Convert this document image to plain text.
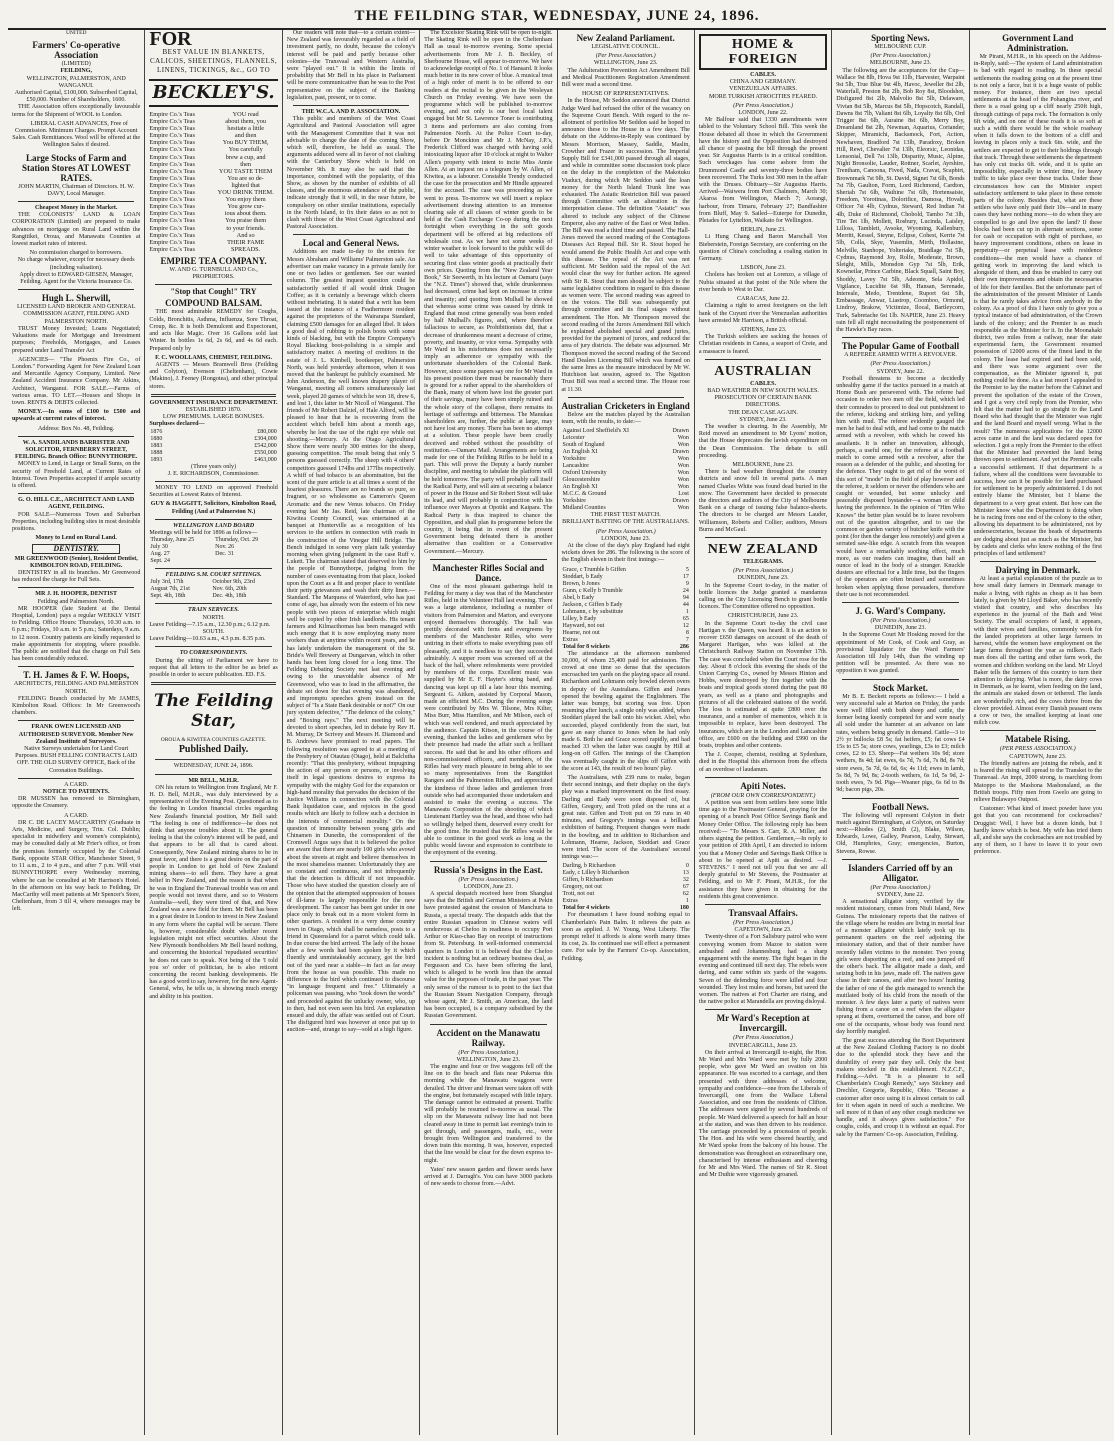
THE FEILDING STAR, WEDNESDAY, JUNE 24, 1896.
UNITED
Farmers' Co-operative Association
(LIMITED)
FEILDING,
WELLINGTON, PALMERSTON, AND WANGANUI.
Authorised Capital, £100,000. Subscribed Capital, £50,000. Number of Shareholders, 1600.

THE Association offers exceptionally favourable terms for the Shipment of WOOL to London.

LIBERAL CASH ADVANCES, Free of Commission. Minimum Charges. Prompt Account Sales. Cash Remittances. Wool will be offered at the Wellington Sales if desired.

Large Stocks of Farm and Station Stores AT LOWEST RATES.
JOHN MARTIN, Chairman of Directors. H. W. DAVY, Local Manager.
Cheapest Money in the Market.

THE COLONISTS' LAND & LOAN CORPORATION (Limited) are prepared to make advances on mortgage on Rural Land within the Rangitikei, Oroua, and Manawatu Counties at lowest market rates of interest.

No commission charged to borrowers.
No charge whatever, except for necessary deeds (including valuation).
Apply direct to EDWARD GIESEN, Manager, Feilding. Agent for the Victoria Insurance Co.
Hugh L. Sherwill,
LICENSED LAND BROKER AND GENERAL COMMISSION AGENT, FEILDING AND PALMERSTON NORTH.

TRUST Money Invested; Loans Negotiated; Valuations made for Mortgage and Investment purposes; Freeholds, Mortgages, and Leases prepared under Land Transfer Act

AGENCIES— "The Phoenix Fire Co., of London." Forwarding Agent for New Zealand Loan and Mercantile Agency Company, Limited. New Zealand Accident Insurance Company. Mr Atkins, Architect, Wanganui. FOR SALE.—Farms of various areas. TO LET.—Houses and Shops in town. RENTS & DEBTS collected.

MONEY.—In sums of £100 to £500 and upwards at current rates of interest.

Address: Box No. 48, Feilding.
W. A. SANDILANDS BARRISTER AND SOLICITOR, FERNBERRY STREET, FEILDING. Branch Office: BUNNYTHORPE.

MONEY to Lend, in Large or Small Sums, on the security of Freehold Land, at Current Rates of Interest. Town Properties accepted if ample security is offered.

G. O. HILL C.E., ARCHITECT AND LAND AGENT, FEILDING.

FOR SALE—Numerous Town and Suburban Properties, including building sites in most desirable positions.

Money to Lend on Rural Land.
DENTISTRY.
MR GREENWOOD (Senior), Resident Dentist, KIMBOLTON ROAD, FEILDING.

DENTISTRY in all its branches. Mr Greenwood has reduced the charge for Full Sets.

MR J. H. HOOPER, DENTIST
Feilding and Palmerston North.

MR HOOPER (late Student at the Dental Hospital, London) pays a regular WEEKLY VISIT to Feilding. Office Hours: Thursdays, 10.30 a.m. to 6 p.m.; Fridays, 10 a.m. to 5 p.m.; Saturdays, 9 a.m. to 12 noon. Country patients are kindly requested to make appointments for stopping, where possible. The public are notified that the charge on Full Sets has been considerably reduced.

T. H. James & F. W. Hoops,
ARCHITECTS, FEILDING AND PALMERSTON NORTH.

FEILDING Branch conducted by Mr JAMES, Kimbolton Road. Offices: In Mr Greenwood's chambers.

FRANK OWEN LICENSED AND AUTHORISED SURVEYOR. Member New Zealand Institute of Surveyors.
Native Surveys undertaken for Land Court Purposes. BUSH FELLING CONTRACTS LAID OFF. THE OLD SURVEY OFFICE, Back of the Coronation Buildings.
A CARD.
NOTICE TO PATIENTS.

DR MUSSEN has removed to Birmingham, opposite the Creamery.

A CARD.

DR C. DE LACEY MACCARTHY (Graduate in Arts, Medicine, and Surgery, Trin. Col. Dublin; specialist in midwifery and women's complaints), may be consulted daily at Mr Frier's office, or from the premises formerly occupied by the Colonial Bank, opposite STAR Office, Manchester Street, 9 to 11 a.m., 2 to 4 p.m., and after 7 p.m. Will visit BUNNYTHORPE every Wednesday morning, where he can be consulted at Mr Harrison's Hotel. In the afternoon on his way back to Feilding, Dr MacCarthy will meet patients at Mr Spencer's Store, Cheltenham, from 3 till 4, where messages may be left.

FOR
BEST VALUE IN BLANKETS, CALICOS, SHEETINGS, FLANNELS, LINENS, TICKINGS, &c., GO TO
BECKLEY'S.
Empire Co.'s Teas
Empire Co.'s Teas
Empire Co.'s Teas
Empire Co.'s Teas
Empire Co.'s Teas
Empire Co.'s Teas
Empire Co.'s Teas
Empire Co.'s Teas
Empire Co.'s Teas
Empire Co.'s Teas
Empire Co.'s Teas
Empire Co.'s Teas
Empire Co.'s Teas
Empire Co.'s Teas
Empire Co.'s Teas
Empire Co.'s Teas
Empire Co.'s Teas
Empire Co.'s Teas
Empire Co.'s Teas
Empire Co.'s Teas
YOU read
about them, you
hesitate a little
and then
You BUY THEM,
You carefully
brew a cup, and
then
YOU TASTE THEM
You are so de-
lighted that
YOU DRINK THEM.
You enjoy them
You grow cur-
ious about them.
You praise them
to your friends.
And so
THEIR FAME
SPREADS.
EMPIRE TEA COMPANY.
W. AND G. TURNBULL AND Co., PROPRIETORS.
"Stop that Cough!" TRY
COMPOUND BALSAM.

THE most admirable REMEDY for Coughs, Colds, Bronchitis, Asthma, Influenza, Sore Throat, Croup, &c. It is both Demulcent and Expectorant, and acts like Magic. Over 16 Gallons sold last Winter. In bottles 1s 6d, 2s 6d, and 4s 6d each. Prepared only by

F. C. WOOLLAMS, CHEMIST, FEILDING.

AGENTS — Messrs Bramwell Bros (Feilding and Colyton), Evenson (Cheltenham), Cowie (Makino), J. Feeney (Rongotea), and other principal stores.

GOVERNMENT INSURANCE DEPARTMENT.
ESTABLISHED 1870.
LOW PREMIUMS. LARGE BONUSES.
Surpluses declared—
1876	£80,000
1880	£304,000
1883	£542,000
1888	£550,000
1893	£463,000
(Three years only)
J. E. RICHARDSON, Commissioner.

MONEY TO LEND on approved Freehold Securities at Lowest Rates of Interest.

GUY & HAGGITT, Solicitors, Kimbolton Road, Feilding (And at Palmerston N.)
WELLINGTON LAND BOARD
Meetings will be held for 1896 as follows—
Thursday, June 25	Thursday, Oct. 29
July 30	Nov. 26
Aug. 27	Dec. 31
Sept. 24	
FEILDING S.M. COURT SITTINGS.
July 3rd, 17th	October 9th, 23rd
August 7th, 21st	Nov. 6th, 20th
Sept. 4th, 18th	Dec. 4th, 18th
TRAIN SERVICES.
NORTH.
Leave Feilding—7.15 a.m., 12.30 p.m.; 6.12 p.m.
SOUTH.
Leave Feilding—10.63 a.m., 4.3 p.m. 8.35 p.m.
TO CORRESPONDENTS.

During the sitting of Parliament we have to request that all letters to the editor be as brief as possible in order to secure publication. ED. F.S.

The Feilding Star,
OROUA & KIWITEA COUNTIES GAZETTE.
Published Daily.
WEDNESDAY, JUNE 24, 1896.
MR BELL, M.H.R.

ON his return to Wellington from England, Mr F. H. D. Bell, M.H.R., was duly interviewed by a representative of the Evening Post. Questioned as to the feeling in London financial circles regarding New Zealand's financial position, Mr Bell said: "The feeling is one of indifference—he does not think that anyone troubles about it. The general feeling is that the colony's interest will be paid, and that appears to be all that is cared about. Consequently, New Zealand mining shares to be in great favor, and there is a great desire on the part of people in London to get hold of New Zealand mining shares—to sell them. They have a great belief in New Zealand, and the reason is that when he was in England the Transvaal trouble was on and people would not invest there, and so to Western Australia—well, they were tired of that, and New Zealand was a new field for them. Mr Bell has been in a great desire in London to invest in New Zealand in any form where the capital will be secure. There is, however, considerable doubt whether recent legislation might not effect securities. About the New Plymouth bondholders Mr Bell heard nothing, and concerning the historical 'repudiated securities' he does not care to speak. Not being of the 'I told you so' order of politician, he is also reticent concerning the recent banking developments. He has a good word to say, however, for the new Agent-General, who, he tells us, is showing much energy and ability in his position.

Our readers will note that—to a certain extent—New Zealand was favourably regarded as a field of investment partly, no doubt, because the colony's interest will be paid and partly because other colonies—the Transvaal and Western Australia, were "played out." It is within the limits of probability that Mr Bell in his place in Parliament will be more communicative than he was to the Post representative on the subject of the Banking legislation, past, present, or to come.

THE W.C.A. AND P. ASSOCIATION.

This public and members of the West Coast Agricultural and Pastoral Association will agree with the Management Committee that it was not advisable to change the date of the coming Show, which will, therefore, be held as usual. The arguments adduced were all in favor of not clashing with the Canterbury Show which is held on November 9th. It may also be said that the importance, combined with the popularity, of this Show, as shown by the number of exhibits of all classes, and the enormous attendance of the public, indicate strongly that it will, in the near future, be compulsory on other similar institutions, especially in the North Island, to fix their dates so as not to clash with those of the West Coast Agricultural and Pastoral Association.

Local and General News.

Additions are made to-day to the entries for Messrs Abraham and Williams' Palmerston sale. An advertiser can make vacancy in a private family for one or two ladies or gentlemen. See our wanted column. The greatest inquest question could be satisfactorily settled if all would drink Dragon Coffee; as it is certainly a beverage which cheers without inebriating. It is stated that a writ has been issued at the instance of a Feathermore resident against the proprietors of the Wairarapa Standard, claiming £500 damages for an alleged libel. It takes a good deal of rubbing to polish boots with some kinds of blacking, but with the Empire Company's Royal Blacking boot-polishing is a simple and satisfactory matter. A meeting of creditors in the estate of J. L. Kimbell, bootkeeper, Palmerston North, was held yesterday afternoon, when it was moved that the bankrupt be publicly examined. Mr John Anderson, the well known drapery player of Wanganui, meeting all comers simultaneously last week, played 20 games of which he won 18, drew 6, and lost 1, this latter to Mr Nicoll of Wanganui. The friends of Mr Robert Dalziel, of Hale Alford, will be pleased to hear that he is recovering from the accident which befell him about a month ago, whereby he lost the use of the right eye while out shooting.—Mercury. At the Otago Agricultural Show there were nearly 300 entries for the sheep, guessing competition. The result being that only 5 persons guessed correctly. The sheep with 4 others' competitors guessed 174lbs and 177lbs respectively. A whiff of bad tobacco is an abomination, but the scent of the pure article is at all times a scent of the hoariest pleasures. There are no brands so pure, so fragrant, or so wholesome as Cameron's Queen Aromatic and the new Venus tobacco. On Friday evening last Mr Jas. Reid, late chairman of the Kiwitea County Council, was entertained at a banquet at Hunterville as a recognition of his services to the settlers in connection with roads in the construction of the Vinegar Hill Bridge. The Bench indulged in some very plain talk yesterday morning when giving judgment in the case Ruff v. Lukett. The chairman stated that deserved to him by the people of Bunnythorpe, judging from the number of cases eventuating from that place, looked upon the Court as a fit and proper place to ventilate their petty grievances and wash their dirty linen.—Standard. The Marquess of Waterford, who has just come of age, has already won the esteem of his new people with two pieces of enterprise which might well be copied by other Irish landlords. His tenant farmers and Kilmacthomas has been managed with such energy that it is now employing many more workers than at anytime within recent years, and he has lately undertaken the management of the St. Bride's Well Brewery at Dungarvan, which in other hands has been long closed for a long time. The Feilding Debating Society met last evening and owing to the unavoidable absence of Mr Greenwood, who was to lead in the affirmative, the debate set down for that evening was abandoned, and impromptu speeches given instead on the subject of "Is a State Bank desirable or not?" On our jury system defective," "The defence of the colony," and "Boxing rays." The next meeting will be devoted to short speeches, led in debate by Rev H. M. Murray, Dr Scrivey and Messrs H. Diamond and B. Andrews have promised to read papers. The following resolution was agreed to at a meeting of the Presbytery of Otautau (Otago), held at Balclutha recently: "That this presbytery, without impugning the action of any person or persons, or involving itself in legal questions desires to express its sympathy with the mighty God for the expansion or high-hand morality that pervades the decision of the Justice Williams in connection with the Colonial Bank liquidation case, and rejoices in the good results which are likely to follow such a decision in the interests of commercial morality." On the question of immorality between young girls and Chinamen in Dunedin, the correspondent of the Cromwell Argus says that it is believed the police are aware that there are nearly 100 girls who avowd about the streets at night and believe themselves in the most shameless manner. Unfortunately they are so constant and continuous, and not infrequently that the detection is difficult if not impossible. Those who have studied the question closely are of the opinion that the attempted suppression of houses of ill-fame is largely responsible for the new development. The cancer has been got under in one place only to break out in a more violent form in other quarters. A resident in a very dense country town in Otago, which shall be nameless, posts to a friend in Queensland for a parrot which could talk. In due course the bird arrived. The lady of the house after a few words had been spoken by it which fluently and unmistakeably accuracy, got the bird out of the yard near a stable—in fact as far away from the house as was possible. This made no difference to the bird which continued to discourse "in language frequent and free." Ultimately a policeman was passing, who "took down the words" and proceeded against the unlucky owner, who, up to then, had not even seen his bird. An explanation ensued and duly, the affair was settled out of Court. The disfigured bird was however at once put up to auction—and, strange to say—sold at a high figure.

The Excelsior Skating Rink will be open to-night. The Skating Rink will be open in the Cheltenham Hall as usual to-morrow evening. Some special advertisements from Mr J. B. Beckley, of Sherbourne House, will appear to-morrow. We have to acknowledge receipt of No. 1 of Hansard. It looks much better in its new cover of blue. A musical treat of a high order of merit is to be offered to our readers at the recital to be given in the Wesleyan Church on Friday evening. We have seen the programme which will be published to-morrow evening, and not only is our best local talent engaged but Mr St. Lawrence Toner is contributing 3 items and performers are also coming from Palmerston North. At the Police Court to-day, before Dr Monckton and Mr J. McNay, J.P.'s, Frederick Clifford was charged with having sold intoxicating liquor after 10 o'clock at night to Walter Allen's property with intent to incite Miss Annie Allen. At an inquest on a telegram by W. Allen, of Kiwitea, as a labourer. Constable Trendy conducted the case for the prosecution and Mr Hindle appeared for the accused. The case was proceeding as we went to press. To-morrow we will insert a replace advertisement drawing attention to an immense clearing sale of all classes of winter goods to be held at the Cash Exchange Co-op during the next fortnight when everything in the soft goods department will be offered at big reductions off wholesale cost. As we have not some weeks of winter weather to look forward to the public will do well to take advantage of this opportunity of securing first class winter goods at practically their own prices. Quoting from the "New Zealand Year Book," Sir Seewerth, in his lecture at Oamaru (says the "N.Z. Times") showed that, while drunkenness had decreased, crime had kept on increase in crime and insanity; and quoting from Mulhall he showed that whereas some crime was caused by drink in England that most crime generally was been ended by half Mulhall's figures, and, where therefore fallacious to secure, as Prohibitionists did, that a decrease of drunkenness meant a decrease of crime, poverty, and insanity, or vice versa. Sympathy with Mr Ward in his misfortunes does not necessarily imply an adherence or sympathy with the unfortunate shareholders of the Colonial Bank. However, since some papers say one for Mr Ward in his present position there must be reasonably there is ground for a rather appeal to the shareholders of the Bank, many of whom have lost the greater part of their savings, many have been simply ruined and the whole story of the collapse, there remains its heritage of sufferings and bitterness. The Manukau shareholders are, further, the public at large, may not have lost any money. There has been no attempt at a solution. These people have been cruelly deceived and robbed without the possibility of restitution.—Oamaru Mail. Arrangements are being made for one of the Feilding Rifles to be held in a part. This will prove the Deputy a hardy number discipline, and meeting to tabulate the platform will be held tomorrow. The party will probably call itself the Radical Party, and will aim at securing a balance of power in the House and Sir Robert Stout will take its lead, and will probably in conjunction with his influence over Mayors at Opotiki and Kaipara. The Radical Party is thus inspired to chance the Opposition, and shall plan its programme before the country, it being that in event of the present Government being defeated there is another alternative than coalition or a Conservative Government.—Mercury.

Manchester Rifles Social and Dance.

One of the most pleasant gatherings held in Feilding for many a day was that of the Manchester Rifles, held in the Volunteer Hall last evening. There was a large attendance, including a number of visitors from Palmerston and Marton, and everyone enjoyed themselves thoroughly. The hall was prettily decorated with ferns and evergreens by members of the Manchester Rifles, who were untiring in their efforts to make everything pass off pleasantly, and it is needless to say they succeeded admirably. A supper room was screened off at the back of the hall, where refreshments were provided by members of the corps. Excellent music was supplied by Mr E. F. Hayter's string band, and dancing was kept up till a late hour this morning. Sergeant G. Aitken, assisted by Corporal Mason, made an efficient M.C. During the evening songs were contributed by Mrs W. Tilsone, Mrs Kilter, Miss Burr, Miss Hamilton, and Mr Milson, each of which was well rendered, and much appreciated by the audience. Captain Kitson, in the course of the evening, thanked the ladies and gentlemen who by their presence had made the affair such a brilliant success. He said that he and his other officers and non-commissioned officers, and members, of the Rifles had very much pleasure in being able to see so many representatives from the Rangitikei Rangers and the Palmerston Rifles, and appreciated the kindness of those ladies and gentlemen from outside who had accompanied those undertaken and assisted to make the evening a success. The Manawatu Corporation of the shooting of which Lieutenant Hartley was the head, and those who had so willingly helped them, deserved every credit for the good time. He trusted that the Rifles would be able to continue in the good work as long as the public would favour and expression to contribute to the enjoyment of the evening.

Russia's Designs in the East.
(Per Press Association.)
LONDON, June 23.

A special despatch received here from Shanghai says that the British and German Ministers at Pekin have protested against the cession of Manchuria to Russia, a special treaty. The despatch adds that the entire Russian squadron in Chinese waters will rendezvous at Chefoo in readiness to occupy Port Arthur or Kiao-chao Bay on receipt of instructions from St. Petersburg. In well-informed commercial quarters in London it is believed that the Chefoo incident is nothing but an ordinary business deal, as Fergusson and Co. have been offering the land, which is alleged to be worth less than the annual value for the purposes of trade, in the past year. The only sense of the rumour is to point to the fact that the Russian Steam Navigation Company, through whose agent, Mr J. Smith, an American, the land has been occupied, is a company subsidised by the Russian Government.

Accident on the Manawatu Railway.
(Per Press Association.)
WELLINGTON, June 23.

The engine and four or five waggons fell off the line on to the beach and flats near Pukerua this morning while the Manawatu waggons were derailed. The driver and fireman were taken off with the engine, but fortunately escaped with little injury. The damage cannot be estimated at present. Traffic will probably be resumed to-morrow as usual. The slip on the Manawatu railway line had not been cleared away in time to permit last evening's train to get through, and passengers, mails, etc., were brought from Wellington and transferred to the down train this morning. It was, however, expected that the line would be clear for the down express to-night.

Yates' new season garden and flower seeds have arrived at J. Darragh's. You can have 3000 packets of new seeds to choose from.—Advt.

New Zealand Parliament.
LEGISLATIVE COUNCIL.
(Per Press Association.)
WELLINGTON, June 23.

The Adulteration Prevention Act Amendment Bill and Medical Practitioners Registration Amendment Bill were read a second time.

HOUSE OF REPRESENTATIVES.

In the House, Mr Seddon announced that District Judge Ward had refused the offer of the vacancy on the Supreme Court Bench. With regard to the re-allotment of portfolios Mr Seddon said he hoped to announce these to the House in a few days. The debate on the Address-in-Reply was continued by Messrs Morrison, Massey, Saddle, Maslin, Crowther and Frazer in succession. The Imperial Supply Bill for £341,000 passed through all stages, and while in committee some discussion took place on the delay in the completion of the Makotuku Viaduct, during which Mr Seddon said the loan money for the North Island Trunk line was exhausted. The Asiatic Restriction Bill was passed through Committee with an alteration in the interpretation clause. The definition "Asiatic" was altered to include any subject of the Chinese Emperor, also any native of the East or West Indies. The Bill was read a third time and passed. The Hall-Jones moved the second reading of the Contagious Diseases Act Repeal Bill. Sir R. Stout hoped he would amend the Public Health Act and cope with this disease. The repeal of the Act was not sufficient. Mr Seddon said the repeal of the Act would clear the way for further action. He agreed with Sir R. Stout that men should be subject to the same legislative conditions in regard to this disease as women were. The second reading was agreed to on the voices. The Bill was subsequently put through committee and its final stages without amendment. The Hon. Mr Thompson moved the second reading of the Jurors Amendment Bill which he explained abolished special and grand juries, provided for the payment of jurors, and reduced the area of jury districts. The debate was adjourned. Mr Thompson moved the second reading of the Second Hand Dealers Licensing Bill which was framed on the same lines as the measure introduced by Mr W. Hutchison last session, agreed to. The Ngatiton Trust Bill was read a second time. The House rose at 11.30.

Australian Cricketers in England

Below are the matches played by the Australian team, with the results, to date:—

Against Lord Sheffield's XI	Drawn
Leicester	Won
South of England	Won
An English XI	Drawn
Yorkshire	Won
Lancashire	Won
Oxford University	Won
Gloucestershire	Won
An English XI	Won
M.C.C. & Ground	Lost
Yorkshire	Drawn
Midland Counties	Won
THE FIRST TEST MATCH.
BRILLIANT BATTING OF THE AUSTRALIANS.
(Per Press Association.)
LONDON, June 23.

At the close of the day's play England had eight wickets down for 286. The following is the score of the English eleven in their first innings:—

Grace, c Trumble b Giffen	5
Stoddart, b Eady	17
Brown, b Jones	9
Gunn, c Kelly b Trumble	24
Abel, b Eady	94
Jackson, c Giffen b Eady	44
Lohmann, c by substitute	1
Lilley, b Eady	65
Hayward, not out	12
Hearne, not out	8
Extras	7
Total for 8 wickets	286

The attendance at the afternoon numbered 30,000, of whom 25,400 paid for admission. The crowd at one time so dense that the spectators encroached ten yards on the playing space all round. Richardson and Lohmann only bowled eleven overs in deputy of the Australians. Giffen and Jones opened the bowling against the Englishmen. The latter was bumpy, but scoring was free. Upon resuming after lunch, a single only was added, when Stoddart played the ball onto his wicket. Abel, who succeeded, played confidently from the start, but gave an easy chance to Jones when he had only made 6. Both he and Grace scored rapidly, and had reached 33 when the latter was caught by Hill at long-on off Giffen. The innings of the Champion was eventually caught in the slips off Giffen with the score at 143, the result of two hours' play.

The Australians, with 239 runs to make, began their second innings, and their display on the day's play was a marked improvement on the first essay. Darling and Eady were soon disposed of, but Giffen, Gregory, and Trott piled on the runs at a great rate. Giffen and Trott put on 59 runs in 40 minutes, and Gregory's innings was a brilliant exhibition of batting. Frequent changes were made in the bowling, and in addition to Richardson and Lohmann, Hearne, Jackson, Stoddart and Grace were tried. The score of the Australians' second innings was:—

Darling, b Richardson	0
Eady, c Lilley b Richardson	13
Giffen, b Richardson	32
Gregory, not out	67
Trott, not out	62
Extras	1
Total for 4 wickets	180

For rheumatism I have found nothing equal to Chamberlain's Pain Balm. It relieves the pain as soon as applied. J. W. Young, West Liberty. The prompt relief it affords is alone worth many times its cost, 2s. Its continued use will effect a permanent cure. For sale by the Farmers' Co-op. Association, Feilding.

HOME & FOREIGN
CABLES.
CHINA AND GERMANY.
VENEZUELAN AFFAIRS.
MORE TURKISH ATROCITIES FEARED.
(Per Press Association.)
LONDON, June 22.

Mr Balfour said that 1330 amendments were tabled to the Voluntary School Bill. This week the House debated all those in which the Government have the history and the Opposition had destroyed all chance of passing the bill through the present year. Sir Augustus Harris is in a critical condition. Such wreckages has come ashore from the Drummond Castle and seventy-three bodies have been recovered. The Turks lost 300 men in the affair with the Druses. Obituary—Sir Augustus Harris. Arrived—Waiwera from Port Chalmers, March 30; Akaroa from Wellington, March 7; Aorangi, harbour, from Timaru, February 27; Bandfashire from Bluff, May 9. Sailed—Euterpe for Dunedin, Pleiades for Lyttelton, Waikato for Wellington.

BERLIN, June 23.

Li Hung Chang and Baron Marschall Von Bieberstein, Foreign Secretary, are conferring on the question of China's concluding a coaling station in Germany.

LISBON, June 23.

Cholera has broken out at Lorenzo, a village of Nubia situated at that point of the Nile where the river bends to West to Dar.

CARACAS, June 22.

Claiming a right to arrest foreigners on the left bank of the Cuyuni river the Venezuelan authorities have arrested Mr Harrison, a British official.

ATHENS, June 23.

The Turkish soldiers are sacking the houses of Christian residents in Canea, a seaport of Crete, and a massacre is feared.

AUSTRALIAN
CABLES.
BAD WEATHER IN NEW SOUTH WALES.
PROSECUTION OF CERTAIN BANK DIRECTORS.
THE DEAN CASE AGAIN.
SYDNEY, June 23.

The weather is clearing. In the Assembly, Mr Reid moved an amendment to Mr Lyons' motion, that the House deprecates the lavish expenditure on the Dean Commission. The debate is still proceeding.

MELBOURNE, June 23.

There is bad weather throughout the country districts and snow fell in several parts. A man named Charles White was found dead buried in the snow. The Government have decided to prosecute the directors and auditors of the City of Melbourne Bank on a charge of issuing false balance-sheets. The directors to be charged are Messrs Lauder, Williamson, Roberts and Collier; auditors, Messrs Burns and McGaul.

NEW ZEALAND
TELEGRAMS.
(Per Press Association.)
DUNEDIN, June 23.

In the Supreme Court to-day, in the matter of bottle licences the Judge granted a mandamus calling on the City Licensing Bench to grant bottle licences. The Committee offered no opposition.

CHRISTCHURCH, June 23.

In the Supreme Court to-day the civil case Hartigan v. the Queen, was heard. It is an action to recover £650 damages on account of the death of Margaret Hartigan, who was killed at the Christchurch Railway Station on November 17th. The case was concluded when the Court rose for the day. About 8 o'clock this evening the sheds of the Union Carrying Co., owned by Messrs Hinton and Hobbs, were destroyed by fire together with the boats and tropical goods stored during the past 80 years, as well as a piano and photographs and pictures of all the celebrated stations of the world. The loss is estimated at quite £800 over the insurance, and a number of mementos, which it is impossible to replace, have been destroyed. The insurances, which are in the London and Lancashire office, are £600 on the building and £990 on the boats, trophies and other contents.

The J. Cooper, chemist, residing at Sydenham, died in the Hospital this afternoon from the effects of an overdose of laudanum.

Apiti Notes.
(FROM OUR OWN CORRESPONDENT.)

A petition was sent from settlers here some little time ago to the Postmaster General, praying for the opening of a branch Post Office Savings Bank and Money Order Office. The following reply has been received:— "To Messrs S. Carr, R. A. Miller, and others signing the petition. Gentlemen,—In reply to your petition of 20th April, I am directed to inform you that a Money Order and Savings Bank Office is about to be opened at Apiti as desired. —J. STEVENS." I need not tell you that we are all deeply grateful to Mr Stevens, the Postmaster at Feilding, and to Mr F. Pirani, M.H.R., for the assistance they have given in obtaining for the residents this great convenience.

Transvaal Affairs.
(Per Press Association.)
CAPETOWN, June 23.

Twenty-three of a Fort Salisbury patrol who were conveying women from Mazoe to station were ambushed and Johannesburg had a sharp engagement with the enemy. The fight began in the evening and continued till next day. The rebels were daring, and came within six yards of the wagons. Seven of the defending force were killed and four wounded. They lost mules and horses, but saved the women. The natives at Fort Charter are rising, and the native police at Marandella are proving disloyal.

Mr Ward's Reception at Invercargill.
(Per Press Association.)
INVERCARGILL, June 23.

On their arrival at Invercargill to-night, the Hon. Mr Ward and Mrs Ward were met by fully 2000 people, who gave Mr Ward an ovation on his appearance. He was escorted to a carriage, and then presented with three addresses of welcome, sympathy and confidence—one from the Liberals of Invercargill, one from the Wallace Liberal Association, and one from the residents of Clifton. The addresses were signed by several hundreds of people. Mr Ward delivered a speech for half an hour at the station, and was then driven to his residence. The carriage proceeded by a procession of people. The Hon. and his wife were cheered heartily, and Mr Ward spoke from the balcony of his house. The demonstration was throughout an extraordinary one, characterised by intense enthusiasm and cheering for Mr and Mrs Ward. The names of Sir R. Stout and Mr Duthie were vigorously groaned.

Sporting News.
MELBOURNE CUP.
(Per Press Association.)
MELBOURNE, June 23.

The following are the acceptances for the Cup—Wallace 9st 8lb, Hova 9st 11lb, Harvester, Warpaint 9st 5lb, True Blue 9st 4lb, Havoc, Jeweller 8st 2lb, Waterfall, Preston 8st 2lb, Bob Roy 8st, Bloodshot, Disfigured 8st 2lb, Malvolio 8st 5lb, Delaware, Vivian 8st 5lb, Marcus 8st 5lb, Hopscotch, Randall, Dawns 8st 7lb, Valiant 8st 6lb, Loyalty 8st 6lb, Ord Trigger 8st 6lb, Auraine 8st 6lb, Merry Boy, Dreamland 8st 2lb, Newman, Aquarius, Coriander, Skipper, Miramichi, Backsmock, Fort, Action, Newhaven, Bradford 7st 13lb, Paradoxy, Broken Hill, Rewi, Chevalier 7st 13lb, Eleorsic, Leonidas, Lensonial, Dell 7st 13lb, Disparity, Music, Alpine, Night Bronsolie, Lauder, Rottner, Scarlet, Ayrshire, Trentham, Canoona, Fived, Nada, Cravat, Scapbirt, Brownmark 7st 9lb, St. David, Signet 7st 6lb, Bonds 7st 7lb, Gaulton, Form, Lord Richmond, Cardton, Sheriah 7st 6lb, Waihine 7st 6lb, Hortensaisie, Freedom, Yorotinas, Dolorifice, Damosa, Hovalt, Officer 7st 4lb, Cydnus, Steward, Red Indian 7st 4lb, Duke of Richmond, Chobold, Tambo 7st 3lb, Tire Tet 1lb, Mollett, Rosbury, Lucinda, Laisley, Lilloss, Tamblett, Avsoke, Wyoming, Kallenbury, Merritt, Kessel, Steyne, Eclipse, Cohest, Kerrie 7st 5lb, Colla, Skye, Yusemlin, Mirth, Hollasine, Melville, Stanhope, Yolteriake, Braidlage 7st 5lb, Cydnus, Raymond Joy, Rolfe, Moderate, Brown, Sleight, Mills, Monsdon Gyp 7st 5lb, Erik, Kowneilar, Prince Carbine, Black Squall, Saint Boy, Shoddy, Lavey 7st 5lb, Adeonte, Sela Apidol, Vigilance, Lucidite 6st 9lb, Hansan, Serenade, Intereale, Medo, Trentdene, Ruport 6st 5lb, Embassage, Anwar, Liastrop, Coomboo, Ormond, Lindroy, Brakow, Victimize, Ilocal, Bartleycorn, Turk, Sabretache 6st 1lb. NAPIER, June 23. Heavy rain fell all night necessitating the postponement of the Hawke's Bay races.

The Popular Game of Football
A REFEREE ARMED WITH A REVOLVER.
(Per Press Association.)
SYDNEY, June 22.

Football threatens to become a decidedly unhealthy game if the tactics pursued in a match at Home Bush are persevered with. The referee had occasion to order two men off the field, which led their comrades to proceed to deal out punishment to the referee, kicking and striking him, and yelling him with mud. The referee evidently gauged the men he had to deal with, and had come to the match armed with a revolver, with which he cowed his assailants. It is rather an innovation, although, perhaps, a useful one, for the referee at a football match to come armed with a revolver, after the reason as a defender of the public, and shooting for the defence. They ought to get rid of the worst of this sort of "mode" in the field of play however and the referee, it seldom or never the offenders who are caught or wounded, but some unlucky and peaceably disposed bystander—a woman or child having the preference. In the opinion of "Him Who Knows" the better plan would be to leave revolvers out of the question altogether, and to use the common or garden variety of butcher knife with the point (for then the danger less remotely) and given a serrated saw-like edge. A scratch from this weapon would have a remarkably soothing effect, much more, as our readers can imagine, than half an ounce of lead in the body of a stranger. Knuckle dusters are effectual for a little time, but the fingers of the operators are often bruised and sometimes broken when applying those persuaders, therefore their use is not recommended.

J. G. Ward's Company.
(Per Press Association.)
DUNEDIN, June 23.

In the Supreme Court Mr Hosking moved for the appointment of Mr Cook, of Cook and Gray, as provisional liquidator for the Ward Farmers' Association till July 14th, than the winding up petition will be presented. As there was no opposition it was granted.

Stock Market.

Mr B. E. Beckett reports as follows:— I held a very successful sale at Marton on Friday, the yards were well filled with both sheep and cattle, the former being keenly competed for and were nearly all sold under the hammer at an advance on late rates, wethers being greatly in demand. Cattle—3 to 2½ yr bullocks £8 5s; fat heifers, £5; fat cows £4 15s to £5 5s; store cows, yearlings, £3s to £3; milch cows, £2 to £3. Sheep—Fat wethers 10s 9d; store wethers, 8s 4d; fat ewes, 6s 7d, 7s 6d, 7s 8d, 8s 7d; store ewes, 5s 7d, 6s 6d, 6s; 4s 11d; ewes in lamb, 5s 8d, 7s 9d, 8s; 2-tooth wethers, 6s 1d, 5s 9d, 2-tooth ewes, 7s 9d. Pigs—Weaner pigs, 6s 6d to 8s 9d; bacon pigs, 20s.

Football News.

The following will represent Colyton in their match against Birmingham, at Colyton, on Saturday next:—Rhodes (2), Smith (2), Blake, Wilson, Edwards, Lowe, Galley, Pearson, Leahy, Stewart, Old, Humphries, Gray; emergencies, Burton, Stevens, Rowse.

Islanders Carried off by an Alligator.
(Per Press Association.)
SYDNEY, June 22.

A sensational alligator story, verified by the resident missionary, comes from Niuli Island, New Guinea. The missionary reports that the natives of the village where he resides are living in mortal fear of a monster alligator which lately took up its permanent quarters on the reef adjoining the missionary station, and that of their number have recently fallen victims to the monster. Two young girls were disporting on a reef, and one jumped off the other's back. The alligator made a dash, and seizing both in his jaws, made off. The natives gave chase in their canoes, and after two hours' hunting the father of one of the girls managed to wrench the mutilated body of his child from the mouth of the monster. A few days later a party of natives were fishing from a canoe on a reef when the alligator sprang at them, overturned the canoe, and bore off one of the occupants, whose body was found next day horribly mangled.

The great success attending the Boot Department at the New Zealand Clothing Factory is no doubt due to the splendid stock they have and the durability of every pair they sell. Only the best makers stocked in this establishment. N.Z.C.F., Feilding.—Advt. "It is a pleasure to sell Chamberlain's Cough Remedy," says Stickney and Drechler, Gregorie, Republic, Ohio. "Because a customer after once using it is almost certain to call for it when again in need of such a medicine. We sell more of it than of any other cough medicine we handle, and it always gives satisfaction." For coughs, colds, and croup it is without an equal. For sale by the Farmers' Co-op. Association, Feilding.

Government Land Administration.

Mr Pirani, M.H.R., in his speech on the Address-in-Reply, said:—The system of Land administration is bad with regard to roading. In these special settlements the roading going on at the present time is not only a farce, but it is a huge waste of public money. For instance, there are two special settlements at the head of the Pohangina river, and there is a road going up a cliff nearly 250ft high, through cuttings of papa rock. The formation is only 6ft wide, and on one of these roads it is so soft at such a width there would be the whole roadway when it falls down to the bottom of a cliff and leaving in places only a track 6in. wide, and the settlers are expected to get to their holdings through that track. Through these settlements the department has only cut tracks 6ft. wide, and it is quite an impossibility, especially in winter time, for heavy traffic to take place over these tracks. Under these circumstances how can the Minister expect satisfactory settlement to take place in these remote parts of the colony. Besides that, what are these settlers who have only paid their 10s—and in many cases they have nothing more—to do when they are compelled to go and live upon the land? If these blocks had been cut up in alternate sections, some for cash or occupation with right of purchase, so heavy improvement conditions, others on lease in perpetuity—or perpetual lease with residence conditions—the men would have a chance of getting work in improving the land which is alongside of them, and thus be enabled to carry out their own improvements and obtain the necessaries of life for their families. But the unfortunate part of the administration of the present Minister of Lands is that he rarely takes advice from anybody in the colony. As a proof of this I have only to give you a typical instance of bad administration, of the Crown lands of the colony; and the Premier is as much responsible as the Minister for it. In the Moonahaki district, two miles from a railway, near the state experimental farm, the Government resumed possession of 12000 acres of the finest land in the colony. The lease had expired and had been sold, and there was some argument over the compensation, as the Minister ignored it, put nothing could be done. As a last resort I appealed to the Premier to lay the matter before the Cabinet and prevent the spoliation of the estate of the Crown, and I got a very civil reply from the Premier, who felt that the matter had to go straight to the Land Board who had thought that the Minister was right and the land Board and myself wrong. What is the result? The numerous applications for the 12000 acres came in and the land was declared open for selection. I got a reply from the Premier to the effect that the Minister had prevented the land being thrown open to settlement. And yet the Premier calls a successful settlement. If that department is a failure, where all the conditions were favourable to success, how can it be possible for land purchased for settlement to be properly administered. I do not entirely blame the Minister, but I blame the department to a very great extent. But how can the Minister know what the Department is doing when he is racing from one end of the colony to the other, allowing his department to be administered, not by undersecretaries, because the heads of departments are dodging about just as much as the Minister, but by cadets and clerks who know nothing of the first principles of land settlement?

Dairying in Denmark.

At least a partial explanation of the puzzle as to how small dairy farmers in Denmark manage to make a living, with rights as cheap as it has been lately, is given by Mr Lloyd Baker, who has recently visited that country, and who describes his experience in the journal of the Bath and West Society. The small occupiers of land, it appears, with their wives and families, commonly work for the landed proprietors at other large farmers in harvest, while the women have employment on the large farms throughout the year as milkers. Each man does all the carting and other farm work, the women and children working on the land. Mr Lloyd Baker tells the farmers of this country to turn their attention to dairying. What is more, the dairy cows in Denmark, as he learnt, when feeding on the land, the animals are staked down or tethered. The lands are wonderfully rich, and the cows thrive from the clover provided. Almost every Danish peasant owns a cow or two, the smallest keeping at least one milch cow.

Matabele Rising.
(PER PRESS ASSOCIATION.)
CAPETOWN, June 23.

The friendly natives are joining the rebels, and it is feared the rising will spread to the Transkei to the Transvaal. An impi, 2000 strong, is marching from Matoppo to the Mashona Mashonaland, as the British troops. Fifty men from Gwelo are going to relieve Bulawayo Outpost.

Customer: What kind of insect powder have you got that you can recommend for cockroaches? Druggist: Well, I have but a dozen kinds, but I hardly know which is best. My wife has tried them all, and she says the cockroaches are not troubled by any of them, so I have to leave it to your own preference.
